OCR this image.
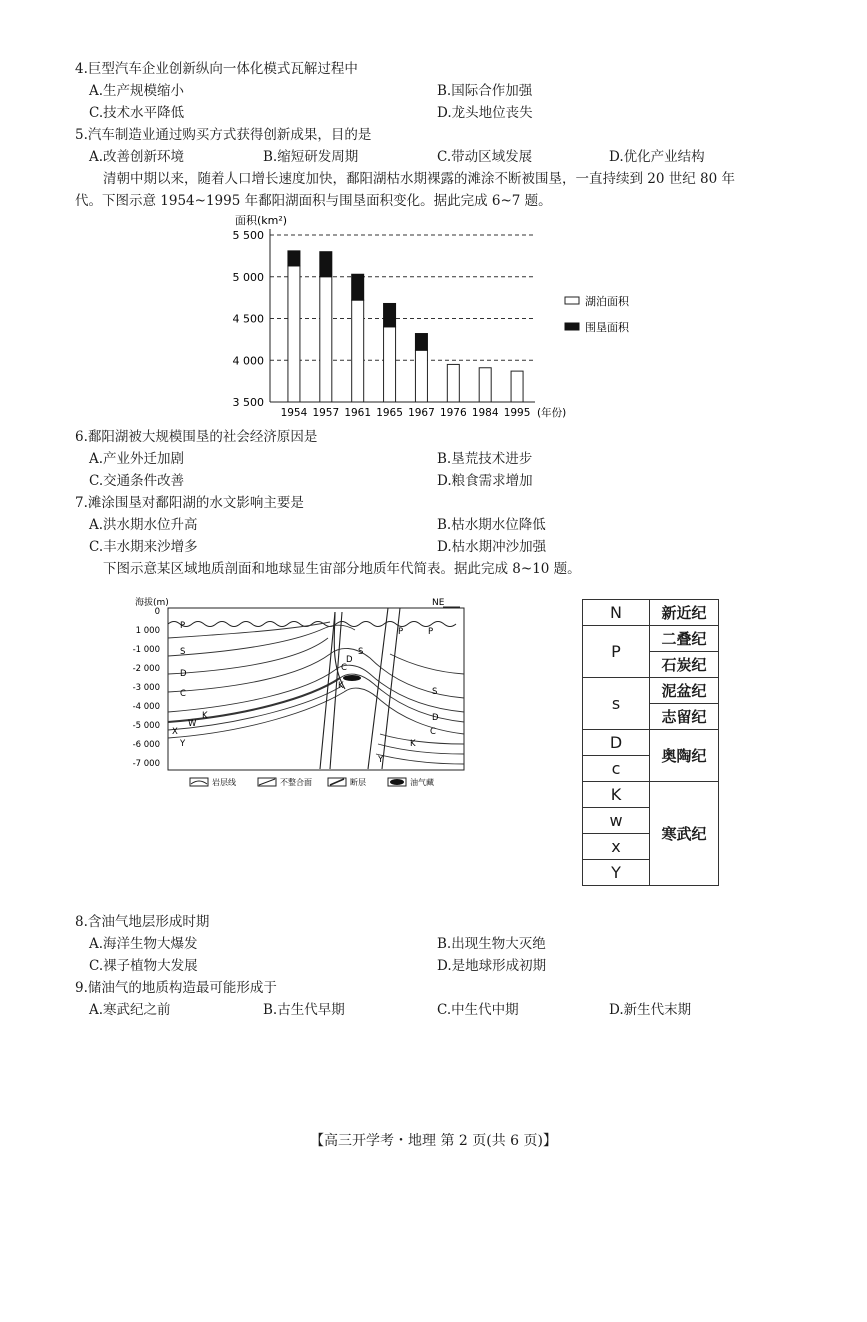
4.巨型汽车企业创新纵向一体化模式瓦解过程中
A.生产规模缩小	B.国际合作加强
C.技术水平降低	D.龙头地位丧失
5.汽车制造业通过购买方式获得创新成果，目的是
A.改善创新环境	B.缩短研发周期	C.带动区域发展	D.优化产业结构
清朝中期以来，随着人口增长速度加快，鄱阳湖枯水期裸露的滩涂不断被围垦，一直持续到 20 世纪 80 年
代。下图示意 1954~1995 年鄱阳湖面积与围垦面积变化。据此完成 6~7 题。
面积(km²)
3 500
4 000
4 500
5 000
5 500
1954 1957 1961 1965 1967 1976 1984 1995 (年份)
湖泊面积
围垦面积
6.鄱阳湖被大规模围垦的社会经济原因是
A.产业外迁加剧	B.垦荒技术进步
C.交通条件改善	D.粮食需求增加
7.滩涂围垦对鄱阳湖的水文影响主要是
A.洪水期水位升高	B.枯水期水位降低
C.丰水期来沙增多	D.枯水期冲沙加强
下图示意某区域地质剖面和地球显生宙部分地质年代简表。据此完成 8~10 题。
海拔(m)	NE
0
1 000
-1 000
-2 000
-3 000
-4 000
-5 000
-6 000
-7 000
P
S
D
C
K
W
X
Y
S
D
C
K
P	P
S
D
C
K
Y
岩层线	不整合面	断层	油气藏
N	新近纪
P	二叠纪
	石炭纪
s	泥盆纪
	志留纪
D	奥陶纪
c	
K	寒武纪
w	
x	
Y	
8.含油气地层形成时期
A.海洋生物大爆发	B.出现生物大灭绝
C.裸子植物大发展	D.是地球形成初期
9.储油气的地质构造最可能形成于
A.寒武纪之前	B.古生代早期	C.中生代中期	D.新生代末期
【高三开学考・地理 第 2 页(共 6 页)】
